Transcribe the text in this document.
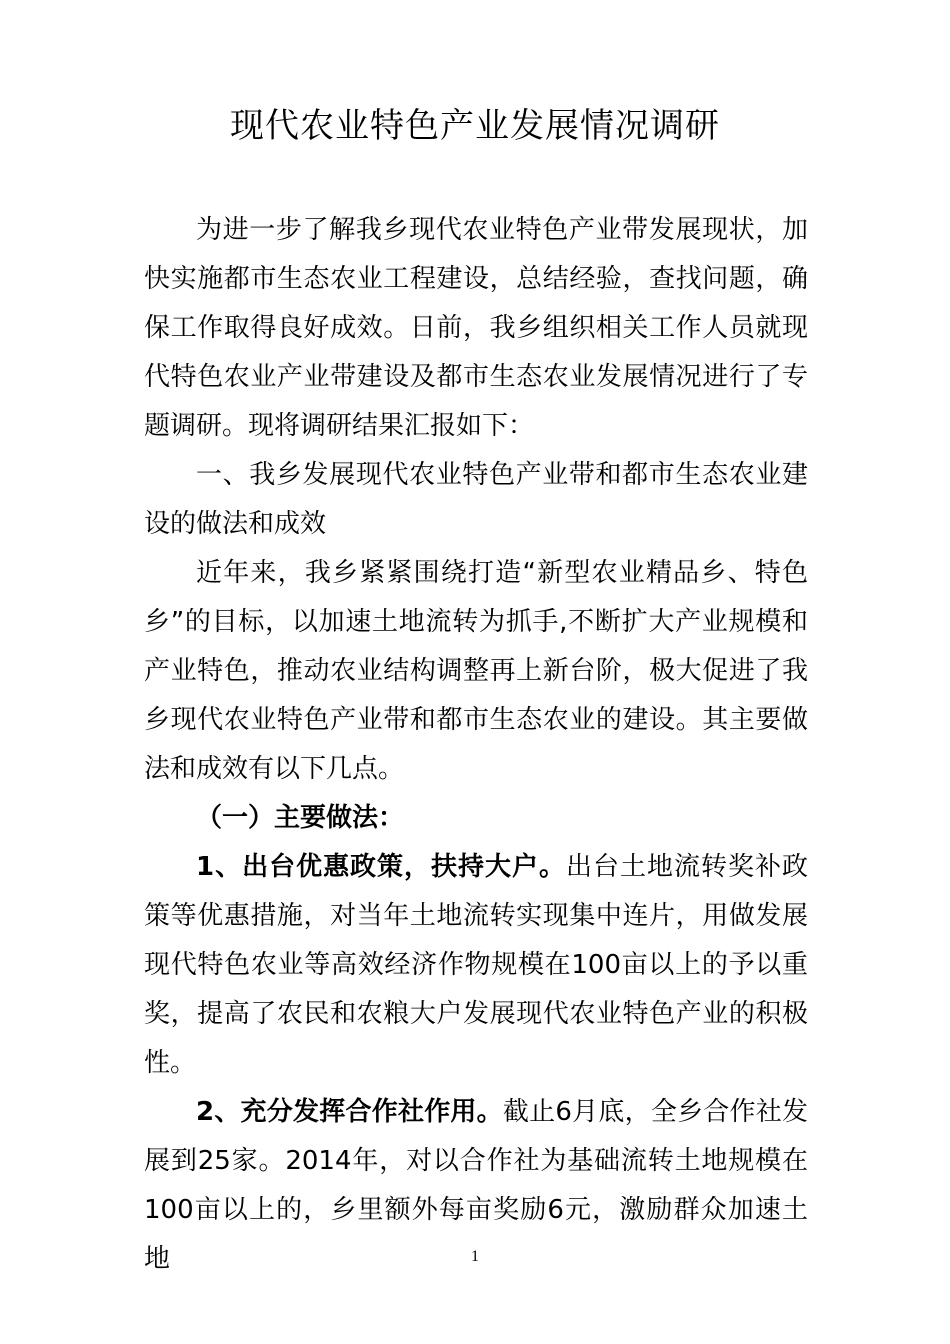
现代农业特色产业发展情况调研

为进一步了解我乡现代农业特色产业带发展现状，加快实施都市生态农业工程建设，总结经验，查找问题，确保工作取得良好成效。日前，我乡组织相关工作人员就现代特色农业产业带建设及都市生态农业发展情况进行了专题调研。现将调研结果汇报如下：

一、我乡发展现代农业特色产业带和都市生态农业建设的做法和成效

近年来，我乡紧紧围绕打造“新型农业精品乡、特色乡”的目标，以加速土地流转为抓手,不断扩大产业规模和产业特色，推动农业结构调整再上新台阶，极大促进了我乡现代农业特色产业带和都市生态农业的建设。其主要做法和成效有以下几点。

（一）主要做法：

1、出台优惠政策，扶持大户。出台土地流转奖补政策等优惠措施，对当年土地流转实现集中连片，用做发展现代特色农业等高效经济作物规模在100亩以上的予以重奖，提高了农民和农粮大户发展现代农业特色产业的积极性。

2、充分发挥合作社作用。截止6月底，全乡合作社发展到25家。2014年，对以合作社为基础流转土地规模在100亩以上的，乡里额外每亩奖励6元，激励群众加速土地	1
